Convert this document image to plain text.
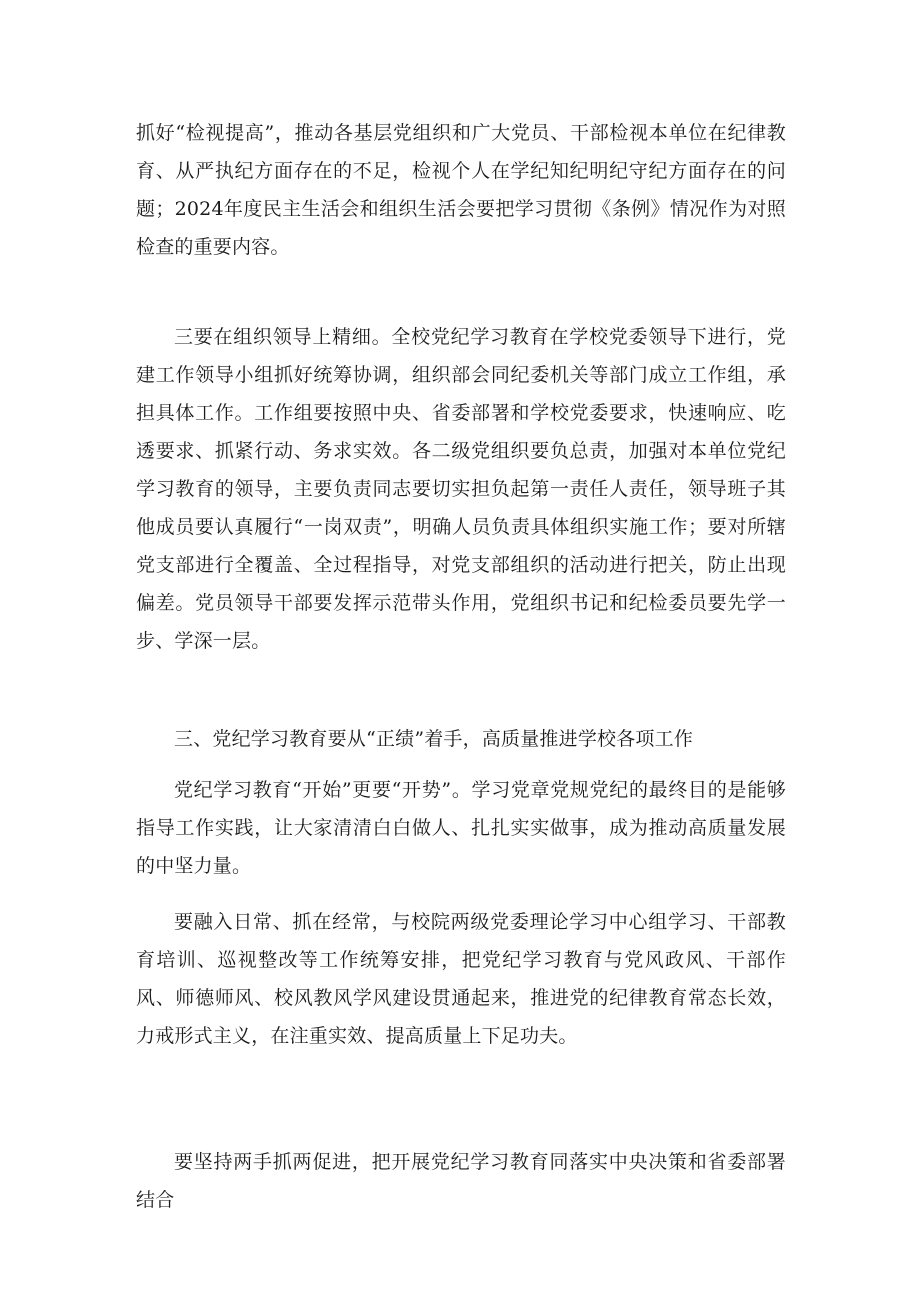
抓好“检视提高”，推动各基层党组织和广大党员、干部检视本单位在纪律教育、从严执纪方面存在的不足，检视个人在学纪知纪明纪守纪方面存在的问题；2024年度民主生活会和组织生活会要把学习贯彻《条例》情况作为对照检查的重要内容。

三要在组织领导上精细。全校党纪学习教育在学校党委领导下进行，党建工作领导小组抓好统筹协调，组织部会同纪委机关等部门成立工作组，承担具体工作。工作组要按照中央、省委部署和学校党委要求，快速响应、吃透要求、抓紧行动、务求实效。各二级党组织要负总责，加强对本单位党纪学习教育的领导，主要负责同志要切实担负起第一责任人责任，领导班子其他成员要认真履行“一岗双责”，明确人员负责具体组织实施工作；要对所辖党支部进行全覆盖、全过程指导，对党支部组织的活动进行把关，防止出现偏差。党员领导干部要发挥示范带头作用，党组织书记和纪检委员要先学一步、学深一层。

三、党纪学习教育要从“正绩”着手，高质量推进学校各项工作

党纪学习教育“开始”更要“开势”。学习党章党规党纪的最终目的是能够指导工作实践，让大家清清白白做人、扎扎实实做事，成为推动高质量发展的中坚力量。

要融入日常、抓在经常，与校院两级党委理论学习中心组学习、干部教育培训、巡视整改等工作统筹安排，把党纪学习教育与党风政风、干部作风、师德师风、校风教风学风建设贯通起来，推进党的纪律教育常态长效，力戒形式主义，在注重实效、提高质量上下足功夫。

要坚持两手抓两促进，把开展党纪学习教育同落实中央决策和省委部署结合
